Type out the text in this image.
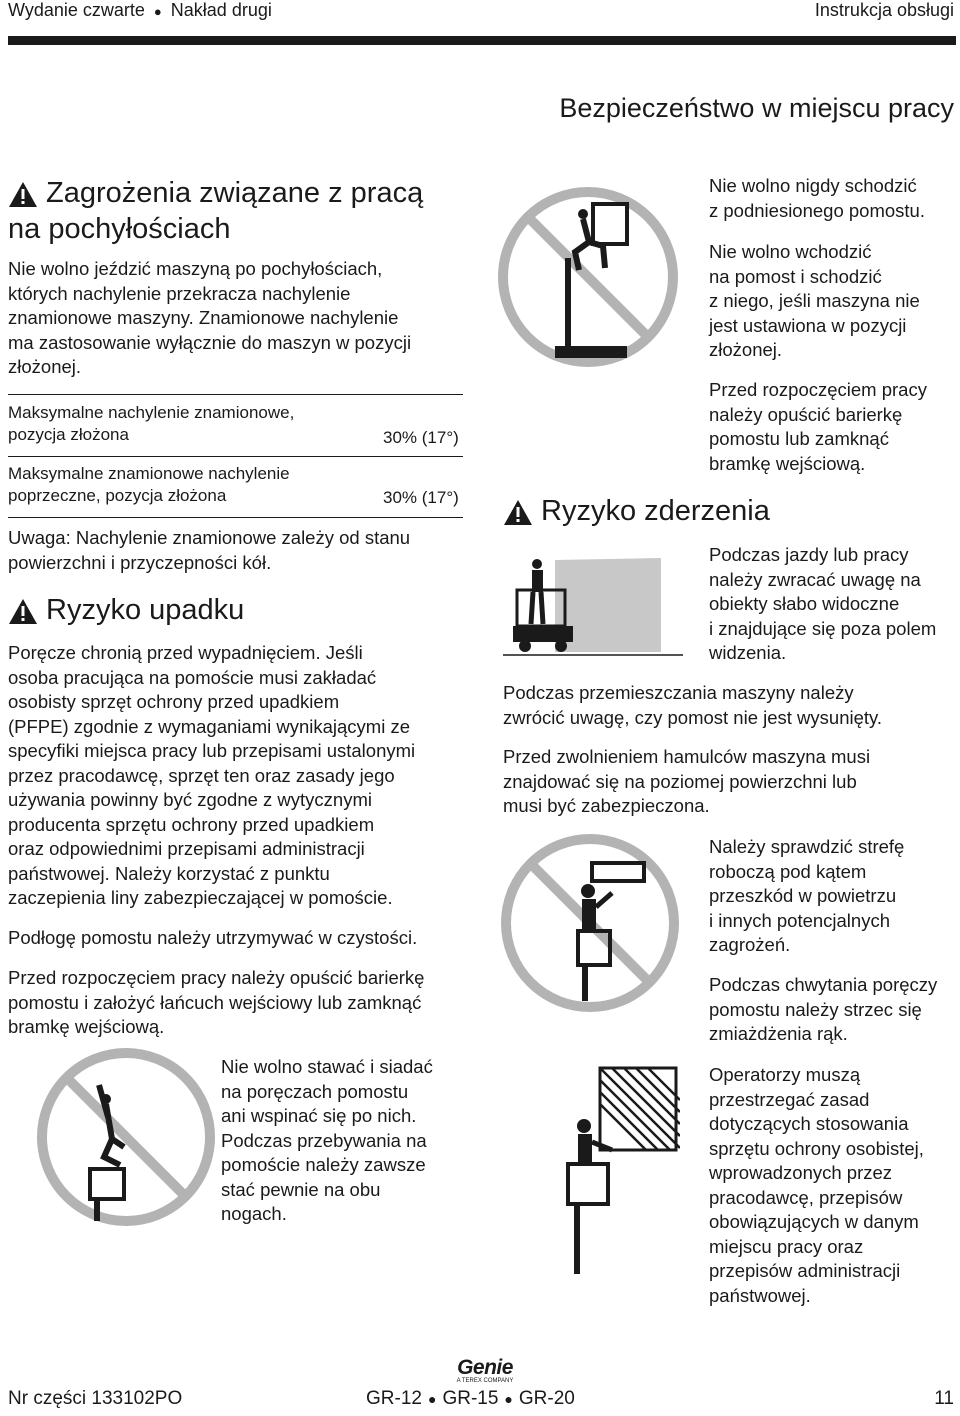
Wydanie czwarte ● Nakład drugi	Instrukcja obsługi
Bezpieczeństwo w miejscu pracy
Zagrożenia związane z pracą
na pochyłościach
Nie wolno jeździć maszyną po pochyłościach,
których nachylenie przekracza nachylenie
znamionowe maszyny. Znamionowe nachylenie
ma zastosowanie wyłącznie do maszyn w pozycji
złożonej.
Maksymalne nachylenie znamionowe,
pozycja złożona	30% (17°)
Maksymalne znamionowe nachylenie
poprzeczne, pozycja złożona	30% (17°)
Uwaga: Nachylenie znamionowe zależy od stanu
powierzchni i przyczepności kół.
Ryzyko upadku
Poręcze chronią przed wypadnięciem. Jeśli
osoba pracująca na pomoście musi zakładać
osobisty sprzęt ochrony przed upadkiem
(PFPE) zgodnie z wymaganiami wynikającymi ze
specyfiki miejsca pracy lub przepisami ustalonymi
przez pracodawcę, sprzęt ten oraz zasady jego
używania powinny być zgodne z wytycznymi
producenta sprzętu ochrony przed upadkiem
oraz odpowiednimi przepisami administracji
państwowej. Należy korzystać z punktu
zaczepienia liny zabezpieczającej w pomoście.
Podłogę pomostu należy utrzymywać w czystości.
Przed rozpoczęciem pracy należy opuścić barierkę
pomostu i założyć łańcuch wejściowy lub zamknąć
bramkę wejściową.
Nie wolno stawać i siadać
na poręczach pomostu
ani wspinać się po nich.
Podczas przebywania na
pomoście należy zawsze
stać pewnie na obu
nogach.
Nie wolno nigdy schodzić
z podniesionego pomostu.
Nie wolno wchodzić
na pomost i schodzić
z niego, jeśli maszyna nie
jest ustawiona w pozycji
złożonej.
Przed rozpoczęciem pracy
należy opuścić barierkę
pomostu lub zamknąć
bramkę wejściową.
Ryzyko zderzenia
Podczas jazdy lub pracy
należy zwracać uwagę na
obiekty słabo widoczne
i znajdujące się poza polem
widzenia.
Podczas przemieszczania maszyny należy
zwrócić uwagę, czy pomost nie jest wysunięty.
Przed zwolnieniem hamulców maszyna musi
znajdować się na poziomej powierzchni lub
musi być zabezpieczona.
Należy sprawdzić strefę
roboczą pod kątem
przeszkód w powietrzu
i innych potencjalnych
zagrożeń.
Podczas chwytania poręczy
pomostu należy strzec się
zmiażdżenia rąk.
Operatorzy muszą
przestrzegać zasad
dotyczących stosowania
sprzętu ochrony osobistej,
wprowadzonych przez
pracodawcę, przepisów
obowiązujących w danym
miejscu pracy oraz
przepisów administracji
państwowej.
Genie
A TEREX COMPANY
Nr części 133102PO	GR-12 ● GR-15 ● GR-20	11
